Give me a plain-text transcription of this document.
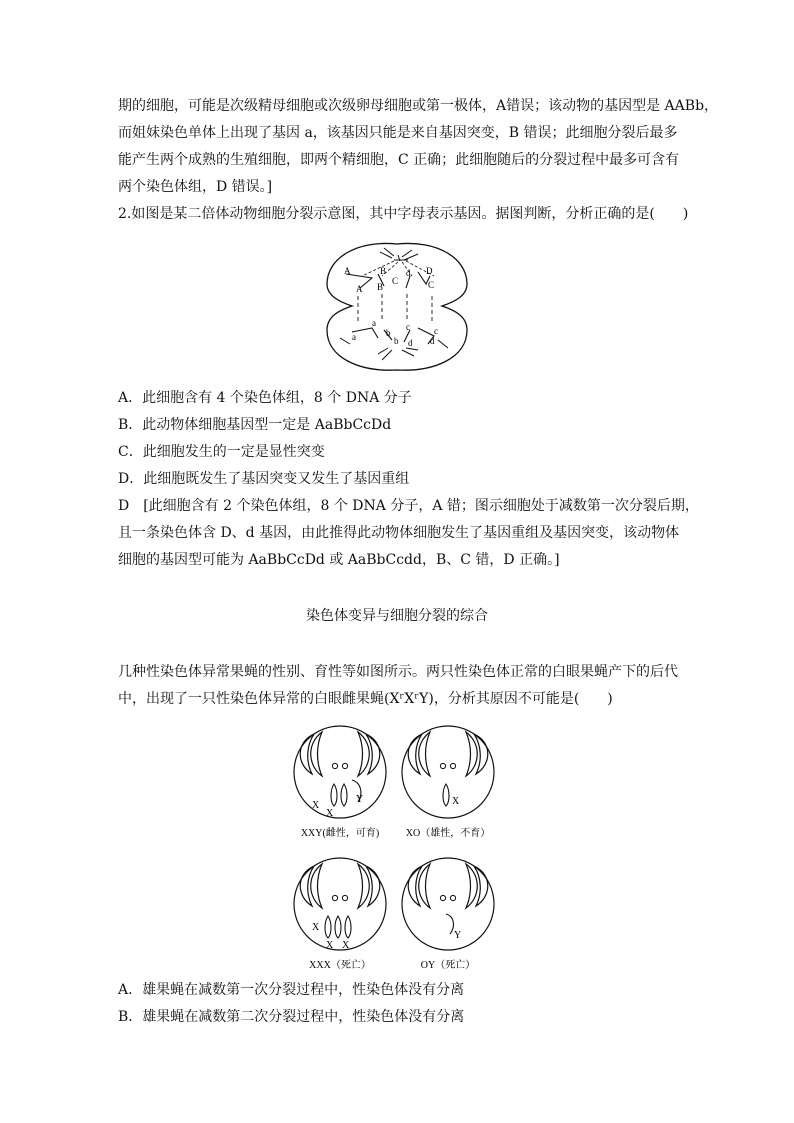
期的细胞，可能是次级精母细胞或次级卵母细胞或第一极体，A错误；该动物的基因型是 AABb，
而姐妹染色单体上出现了基因 a，该基因只能是来自基因突变，B 错误；此细胞分裂后最多
能产生两个成熟的生殖细胞，即两个精细胞，C 正确；此细胞随后的分裂过程中最多可含有
两个染色体组，D 错误。]
2.如图是某二倍体动物细胞分裂示意图，其中字母表示基因。据图判断，分析正确的是(　　)
A
A
B
B
C
d D
C
a
a	b
b
c	c
d d
A．此细胞含有 4 个染色体组，8 个 DNA 分子
B．此动物体细胞基因型一定是 AaBbCcDd
C．此细胞发生的一定是显性突变
D．此细胞既发生了基因突变又发生了基因重组
D　[此细胞含有 2 个染色体组，8 个 DNA 分子，A 错；图示细胞处于减数第一次分裂后期，
且一条染色体含 D、d 基因，由此推得此动物体细胞发生了基因重组及基因突变，该动物体
细胞的基因型可能为 AaBbCcDd 或 AaBbCcdd，B、C 错，D 正确。]
染色体变异与细胞分裂的综合
几种性染色体异常果蝇的性别、育性等如图所示。两只性染色体正常的白眼果蝇产下的后代
中，出现了一只性染色体异常的白眼雌果蝇(XʳXʳY)，分析其原因不可能是(　　)
X
X
Y
XXY(雌性，可育)
X
XO（雄性，不育）
X
X X
XXX（死亡）
Y
OY（死亡）
A．雄果蝇在减数第一次分裂过程中，性染色体没有分离
B．雄果蝇在减数第二次分裂过程中，性染色体没有分离
